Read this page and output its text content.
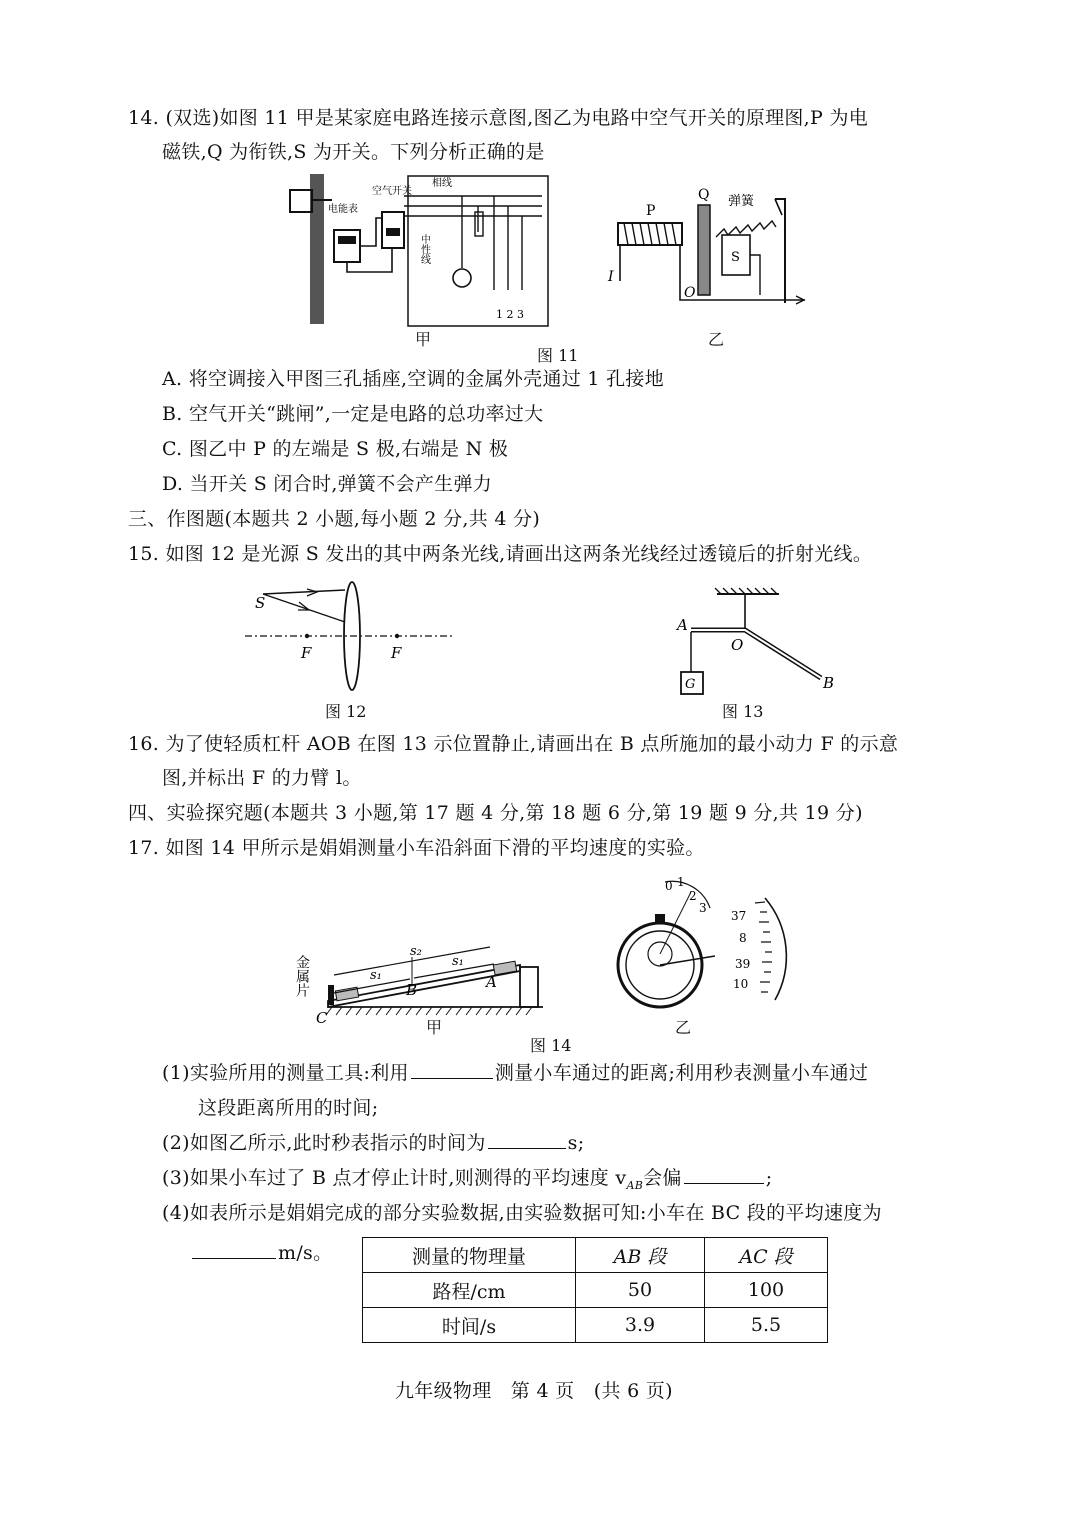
14. (双选)如图 11 甲是某家庭电路连接示意图,图乙为电路中空气开关的原理图,P 为电
磁铁,Q 为衔铁,S 为开关。下列分析正确的是
电能表
空气开关
相线
中性线
1 2 3
甲
P
I
Q
O
弹簧
S
乙
图 11
A. 将空调接入甲图三孔插座,空调的金属外壳通过 1 孔接地
B. 空气开关“跳闸”,一定是电路的总功率过大
C. 图乙中 P 的左端是 S 极,右端是 N 极
D. 当开关 S 闭合时,弹簧不会产生弹力
三、作图题(本题共 2 小题,每小题 2 分,共 4 分)
15. 如图 12 是光源 S 发出的其中两条光线,请画出这两条光线经过透镜后的折射光线。
S
F	F
图 12
G
A
O
B
图 13
16. 为了使轻质杠杆 AOB 在图 13 示位置静止,请画出在 B 点所施加的最小动力 F 的示意
图,并标出 F 的力臂 l。
四、实验探究题(本题共 3 小题,第 17 题 4 分,第 18 题 6 分,第 19 题 9 分,共 19 分)
17. 如图 14 甲所示是娟娟测量小车沿斜面下滑的平均速度的实验。
金属片
s₂
s₁
s₁
B	A
C	甲
0 1
2
3
37
8
39
10
乙
图 14
(1)实验所用的测量工具:利用	测量小车通过的距离;利用秒表测量小车通过
这段距离所用的时间;
(2)如图乙所示,此时秒表指示的时间为	s;
(3)如果小车过了 B 点才停止计时,则测得的平均速度 $v_{AB}$会偏	;
(4)如表所示是娟娟完成的部分实验数据,由实验数据可知:小车在 BC 段的平均速度为
m/s。	测量的物理量	AB 段	AC 段
路程/cm	50	100
时间/s	3.9	5.5
九年级物理　第 4 页　(共 6 页)
